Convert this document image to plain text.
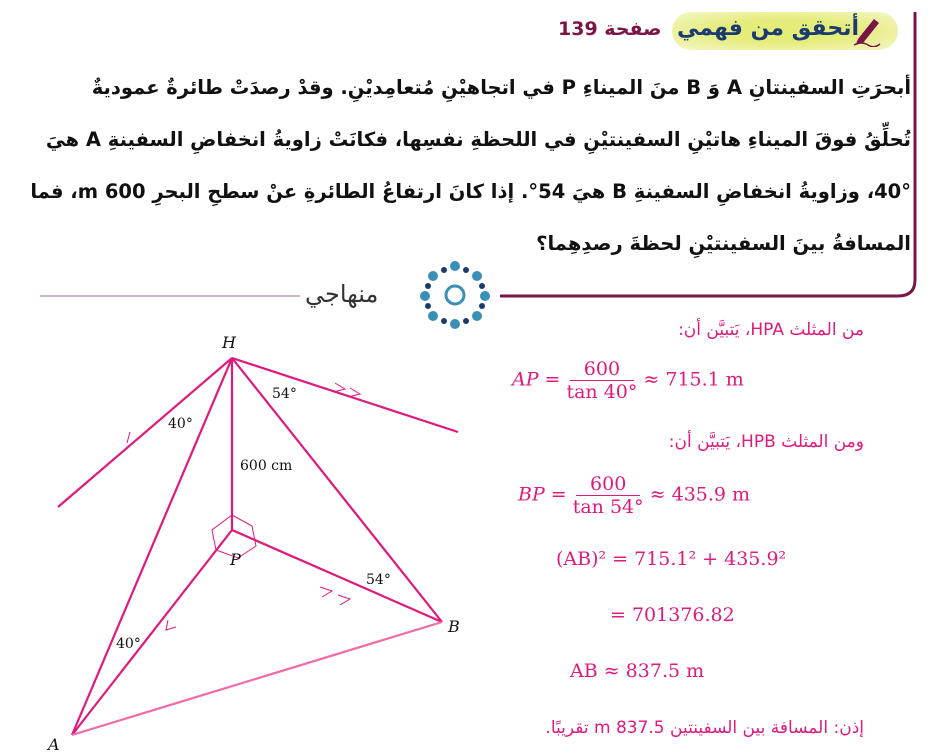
أتحقق من فهمي
صفحة 139
أبحرَتِ السفينتانِ A وَ B منَ الميناءِ P في اتجاهيْنِ مُتعامِديْنِ. وقدْ رصدَتْ طائرةٌ عموديةٌ
تُحلِّقُ فوقَ الميناءِ هاتيْنِ السفينتيْنِ في اللحظةِ نفسِها، فكانَتْ زاويةُ انخفاضِ السفينةِ A هيَ
40°، وزاويةُ انخفاضِ السفينةِ B هيَ 54°. إذا كانَ ارتفاعُ الطائرةِ عنْ سطحِ البحرِ 600 m، فما
المسافةُ بينَ السفينتيْنِ لحظةَ رصدِهِما؟
منهاجي
H
P
A
B
40°
54°
40°
54°
600 cm
من المثلث HPA، يَتبيَّن أن:
AP = $\frac{600}{\tan 40^\circ} \approx 715.1$ m
ومن المثلث HPB، يَتبيَّن أن:
BP = $\frac{600}{\tan 54^\circ} \approx 435.9$ m
(AB)² = 715.1² + 435.9²
= 701376.82
AB ≈ 837.5 m
إذن: المسافة بين السفينتين 837.5 m تقريبًا.
